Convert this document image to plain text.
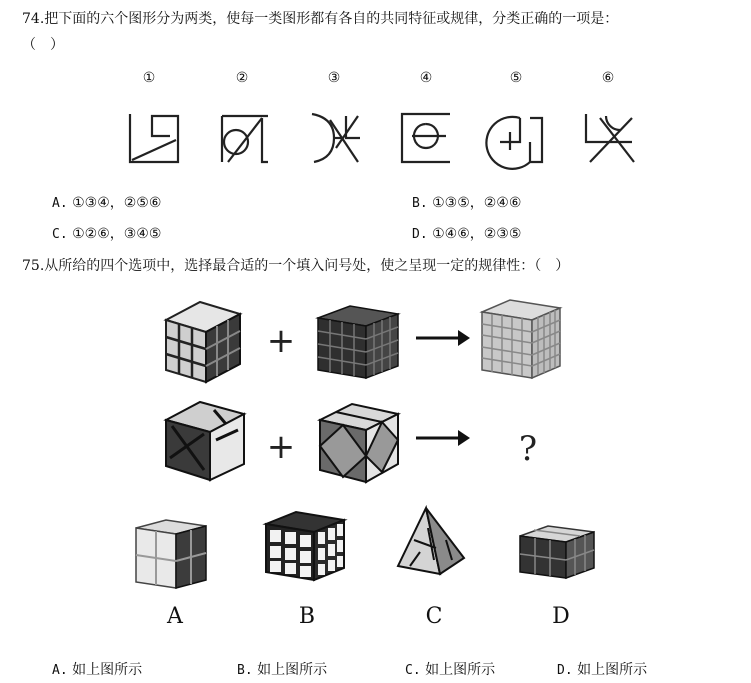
74.把下面的六个图形分为两类，使每一类图形都有各自的共同特征或规律，分类正确的一项是：
（　）
①	②	③	④	⑤	⑥
A. ①③④，②⑤⑥	B. ①③⑤，②④⑥
C. ①②⑥，③④⑤	D. ①④⑥，②③⑤
75.从所给的四个选项中，选择最合适的一个填入问号处，使之呈现一定的规律性：（　）
+
+	?
A	B	C	D
A. 如上图所示	B. 如上图所示	C. 如上图所示	D. 如上图所示
